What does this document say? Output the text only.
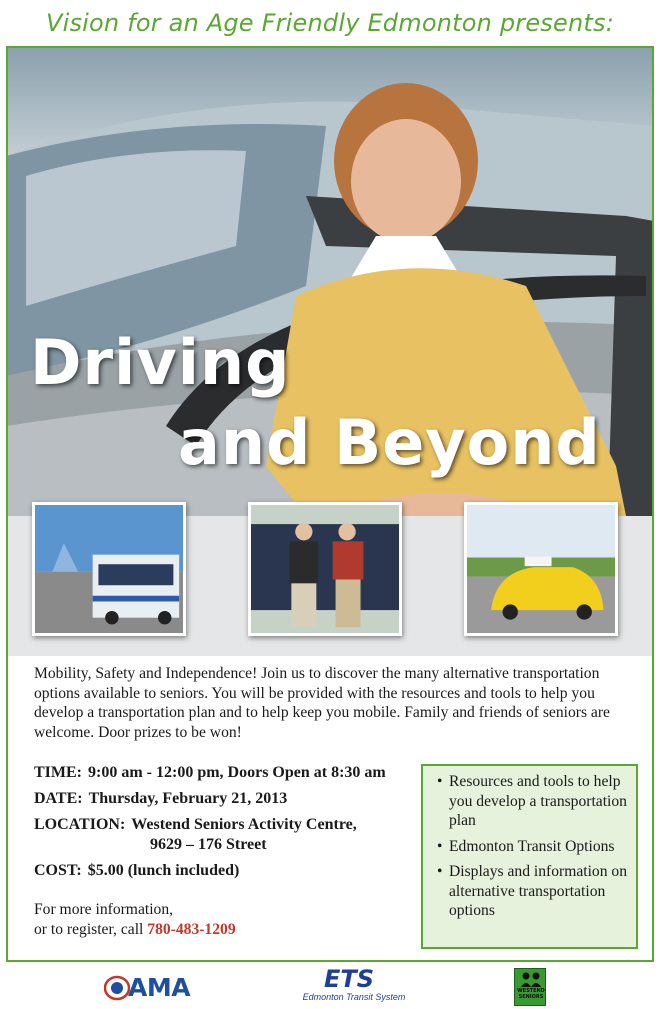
Vision for an Age Friendly Edmonton presents:
Driving
and Beyond
Mobility, Safety and Independence! Join us to discover the many alternative transportation options available to seniors. You will be provided with the resources and tools to help you develop a transportation plan and to help keep you mobile. Family and friends of seniors are welcome. Door prizes to be won!
TIME: 9:00 am - 12:00 pm, Doors Open at 8:30 am
DATE: Thursday, February 21, 2013
LOCATION: Westend Seniors Activity Centre,
9629 – 176 Street
COST: $5.00 (lunch included)
For more information,
or to register, call 780-483-1209
• Resources and tools to help you develop a transportation plan
• Edmonton Transit Options
• Displays and information on alternative transportation options
AMA	ETS
Edmonton Transit System
WESTEND SENIORS
